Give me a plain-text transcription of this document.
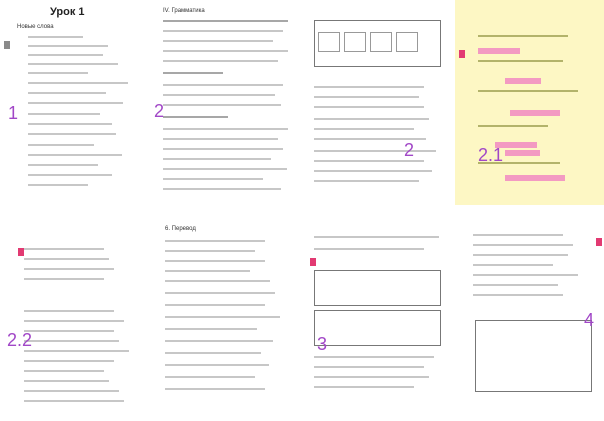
Урок 1
Новые слова
1
IV. Грамматика
2
2	2.1
2.2
6. Перевод
3
4
